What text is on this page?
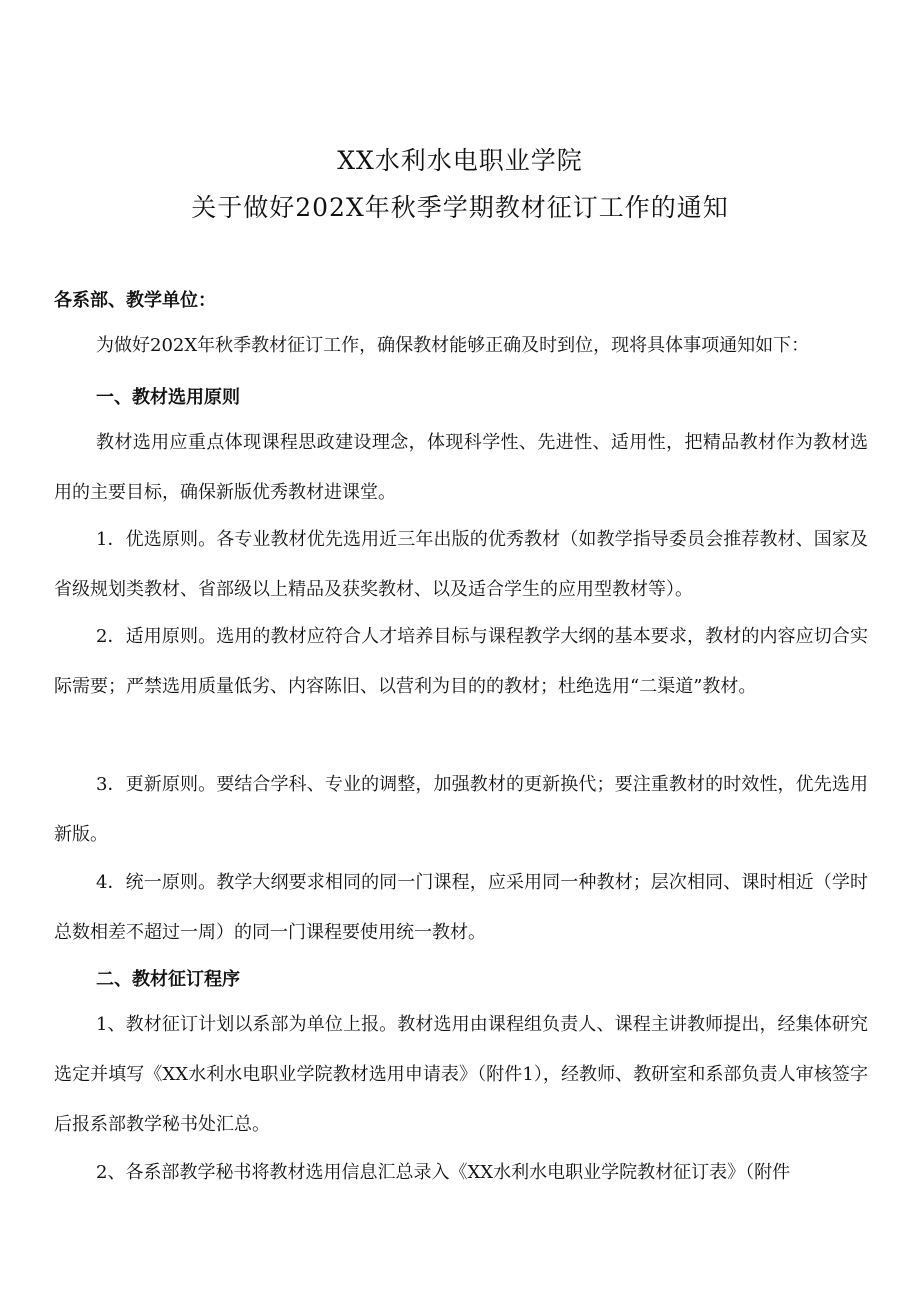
XX水利水电职业学院
关于做好202X年秋季学期教材征订工作的通知
各系部、教学单位：

为做好202X年秋季教材征订工作，确保教材能够正确及时到位，现将具体事项通知如下：

一、教材选用原则

教材选用应重点体现课程思政建设理念，体现科学性、先进性、适用性，把精品教材作为教材选用的主要目标，确保新版优秀教材进课堂。

1．优选原则。各专业教材优先选用近三年出版的优秀教材（如教学指导委员会推荐教材、国家及省级规划类教材、省部级以上精品及获奖教材、以及适合学生的应用型教材等）。

2．适用原则。选用的教材应符合人才培养目标与课程教学大纲的基本要求，教材的内容应切合实际需要；严禁选用质量低劣、内容陈旧、以营利为目的的教材；杜绝选用“二渠道”教材。

3．更新原则。要结合学科、专业的调整，加强教材的更新换代；要注重教材的时效性，优先选用新版。

4．统一原则。教学大纲要求相同的同一门课程，应采用同一种教材；层次相同、课时相近（学时总数相差不超过一周）的同一门课程要使用统一教材。

二、教材征订程序

1、教材征订计划以系部为单位上报。教材选用由课程组负责人、课程主讲教师提出，经集体研究选定并填写《XX水利水电职业学院教材选用申请表》（附件1），经教师、教研室和系部负责人审核签字后报系部教学秘书处汇总。

2、各系部教学秘书将教材选用信息汇总录入《XX水利水电职业学院教材征订表》（附件
